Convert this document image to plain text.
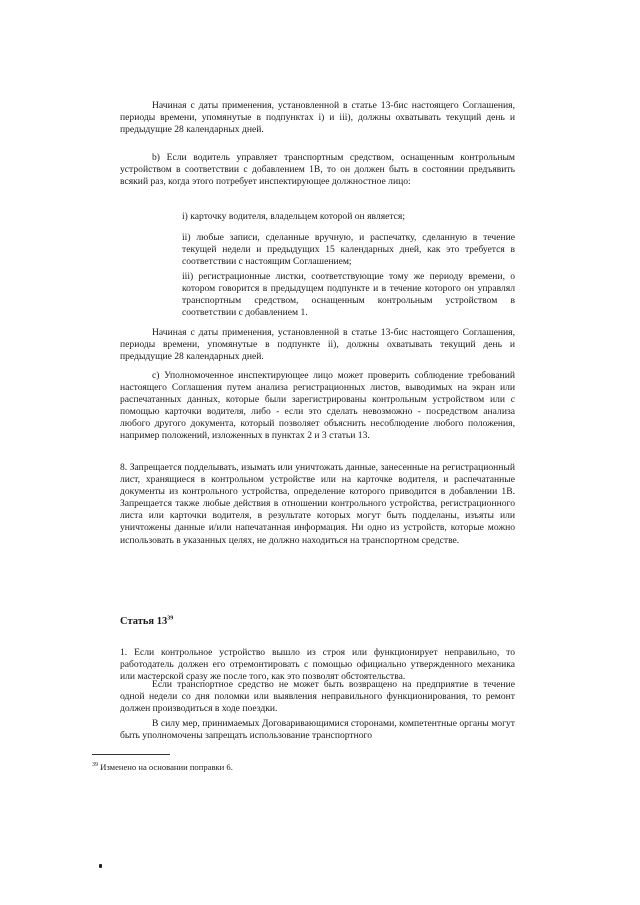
Начиная с даты применения, установленной в статье 13-бис настоящего Соглашения, периоды времени, упомянутые в подпунктах i) и iii), должны охватывать текущий день и предыдущие 28 календарных дней.

b) Если водитель управляет транспортным средством, оснащенным контрольным устройством в соответствии с добавлением 1В, то он должен быть в состоянии предъявить всякий раз, когда этого потребует инспектирующее должностное лицо:

i) карточку водителя, владельцем которой он является;

ii) любые записи, сделанные вручную, и распечатку, сделанную в течение текущей недели и предыдущих 15 календарных дней, как это требуется в соответствии с настоящим Соглашением;

iii) регистрационные листки, соответствующие тому же периоду времени, о котором говорится в предыдущем подпункте и в течение которого он управлял транспортным средством, оснащенным контрольным устройством в соответствии с добавлением 1.

Начиная с даты применения, установленной в статье 13-бис настоящего Соглашения, периоды времени, упомянутые в подпункте ii), должны охватывать текущий день и предыдущие 28 календарных дней.

c) Уполномоченное инспектирующее лицо может проверить соблюдение требований настоящего Соглашения путем анализа регистрационных листов, выводимых на экран или распечатанных данных, которые были зарегистрированы контрольным устройством или с помощью карточки водителя, либо - если это сделать невозможно - посредством анализа любого другого документа, который позволяет объяснить несоблюдение любого положения, например положений, изложенных в пунктах 2 и 3 статьи 13.

8. Запрещается подделывать, изымать или уничтожать данные, занесенные на регистрационный лист, хранящиеся в контрольном устройстве или на карточке водителя, и распечатанные документы из контрольного устройства, определение которого приводится в добавлении 1В. Запрещается также любые действия в отношении контрольного устройства, регистрационного листа или карточки водителя, в результате которых могут быть подделаны, изъяты или уничтожены данные и/или напечатанная информация. Ни одно из устройств, которые можно использовать в указанных целях, не должно находиться на транспортном средстве.

Статья $13^{39}$

1. Если контрольное устройство вышло из строя или функционирует неправильно, то работодатель должен его отремонтировать с помощью официально утвержденного механика или мастерской сразу же после того, как это позволят обстоятельства.

Если транспортное средство не может быть возвращено на предприятие в течение одной недели со дня поломки или выявления неправильного функционирования, то ремонт должен производиться в ходе поездки.

В силу мер, принимаемых Договаривающимися сторонами, компетентные органы могут быть уполномочены запрещать использование транспортного

$^{39}$ Изменено на основании поправки 6.
